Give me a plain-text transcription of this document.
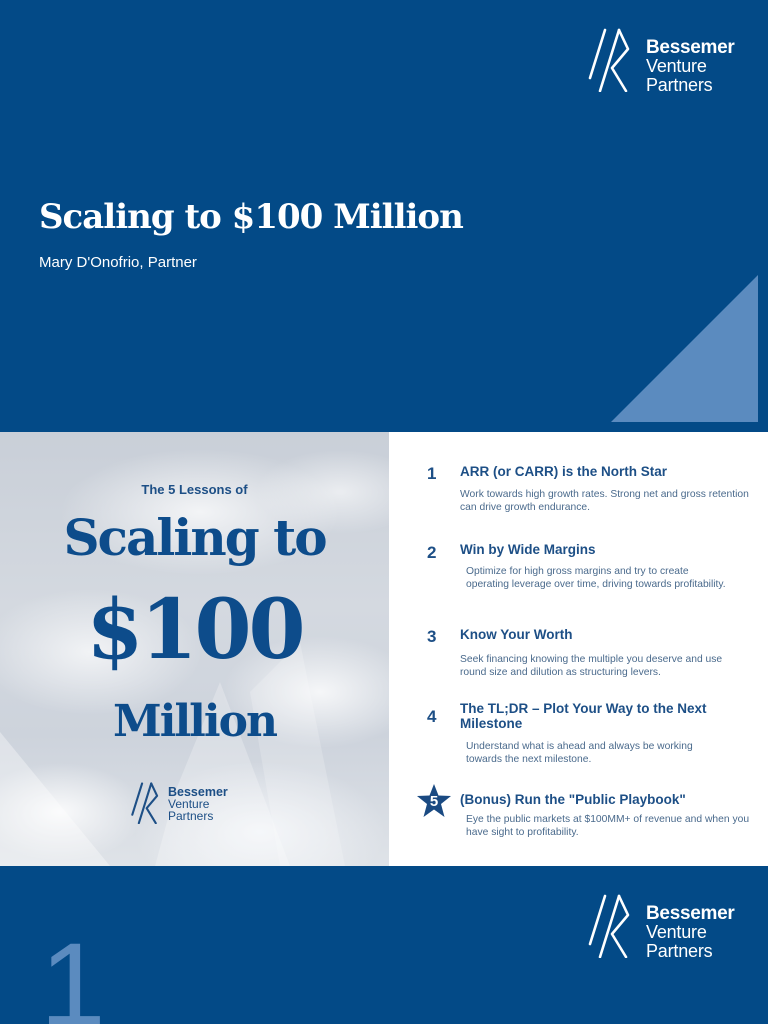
Bessemer
Venture
Partners
Scaling to $100 Million
Mary D'Onofrio, Partner
The 5 Lessons of
Scaling to
$100
Million
Bessemer
Venture
Partners
1 ARR (or CARR) is the North Star
Work towards high growth rates. Strong net and gross retention can drive growth endurance.
2 Win by Wide Margins
Optimize for high gross margins and try to create operating leverage over time, driving towards profitability.
3 Know Your Worth
Seek financing knowing the multiple you deserve and use round size and dilution as structuring levers.
4 The TL;DR – Plot Your Way to the Next Milestone
Understand what is ahead and always be working towards the next milestone.
5	(Bonus) Run the "Public Playbook"
Eye the public markets at $100MM+ of revenue and when you have sight to profitability.
Bessemer
Venture
Partners
1
